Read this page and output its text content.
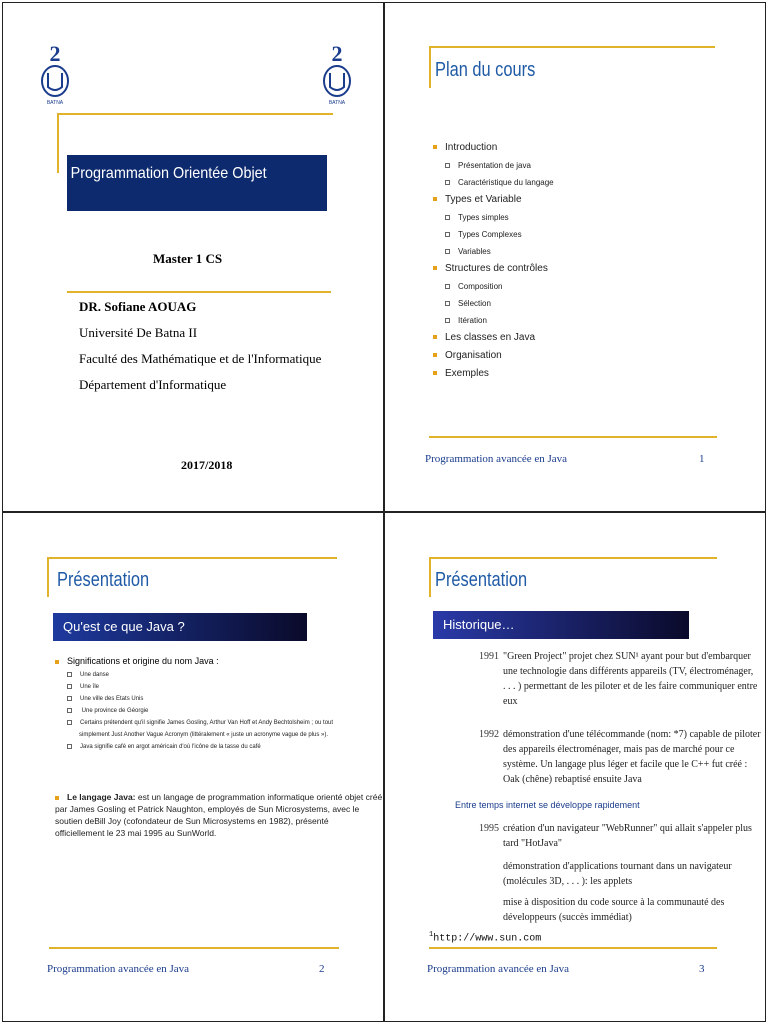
2
BATNA
2
BATNA
Programmation Orientée Objet
Master 1 CS
DR. Sofiane AOUAG
Université De Batna II
Faculté des Mathématique et de l'Informatique
Département d'Informatique
2017/2018
Plan du cours
Introduction
Présentation de java
Caractéristique du langage
Types et Variable
Types simples
Types Complexes
Variables
Structures de contrôles
Composition
Sélection
Itération
Les classes en Java
Organisation
Exemples
Programmation avancée en Java	1
Présentation
Qu'est ce que Java ?
Significations et origine du nom Java :
Une danse
Une île
Une ville des Etats Unis
Une province de Géorgie
Certains prétendent qu'il signifie James Gosling, Arthur Van Hoff et Andy Bechtolsheim ; ou tout
simplement Just Another Vague Acronym (littéralement « juste un acronyme vague de plus »).
Java signifie café en argot américain d'où l'icône de la tasse du café
Le langage Java: est un langage de programmation informatique orienté objet créé
par James Gosling et Patrick Naughton, employés de Sun Microsystems, avec le
soutien deBill Joy (cofondateur de Sun Microsystems en 1982), présenté
officiellement le 23 mai 1995 au SunWorld.
Programmation avancée en Java	2
Présentation
Historique…
1991 "Green Project" projet chez SUN¹ ayant pour but d'embarquer
une technologie dans différents appareils (TV, électroménager,
. . . ) permettant de les piloter et de les faire communiquer entre
eux
1992 démonstration d'une télécommande (nom: *7) capable de piloter
des appareils électroménager, mais pas de marché pour ce
système. Un langage plus léger et facile que le C++ fut créé :
Oak (chêne) rebaptisé ensuite Java
Entre temps internet se développe rapidement
1995 création d'un navigateur "WebRunner" qui allait s'appeler plus
tard "HotJava"
démonstration d'applications tournant dans un navigateur
(molécules 3D, . . . ): les applets
mise à disposition du code source à la communauté des
développeurs (succès immédiat)
$^1$http://www.sun.com
Programmation avancée en Java	3
